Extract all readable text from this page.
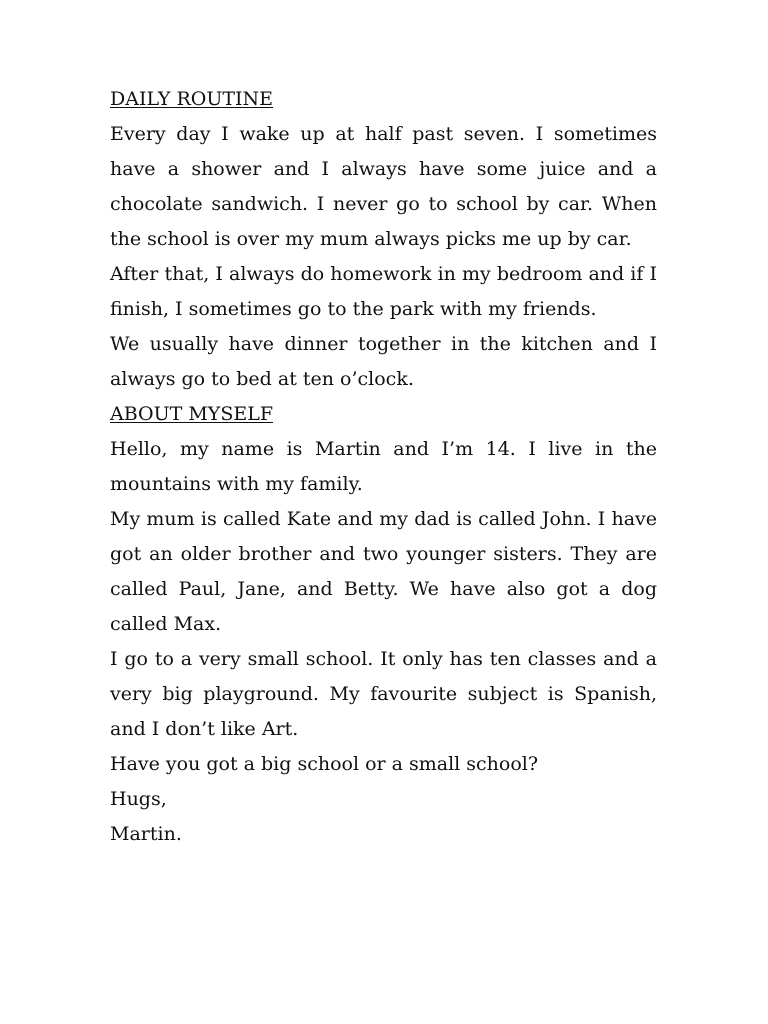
DAILY ROUTINE

Every day I wake up at half past seven. I sometimes have a shower and I always have some juice and a chocolate sandwich. I never go to school by car. When the school is over my mum always picks me up by car.

After that, I always do homework in my bedroom and if I finish, I sometimes go to the park with my friends.

We usually have dinner together in the kitchen and I always go to bed at ten o’clock.

ABOUT MYSELF

Hello, my name is Martin and I’m 14. I live in the mountains with my family.

My mum is called Kate and my dad is called John. I have got an older brother and two younger sisters. They are called Paul, Jane, and Betty. We have also got a dog called Max.

I go to a very small school. It only has ten classes and a very big playground. My favourite subject is Spanish, and I don’t like Art.

Have you got a big school or a small school?

Hugs,

Martin.
